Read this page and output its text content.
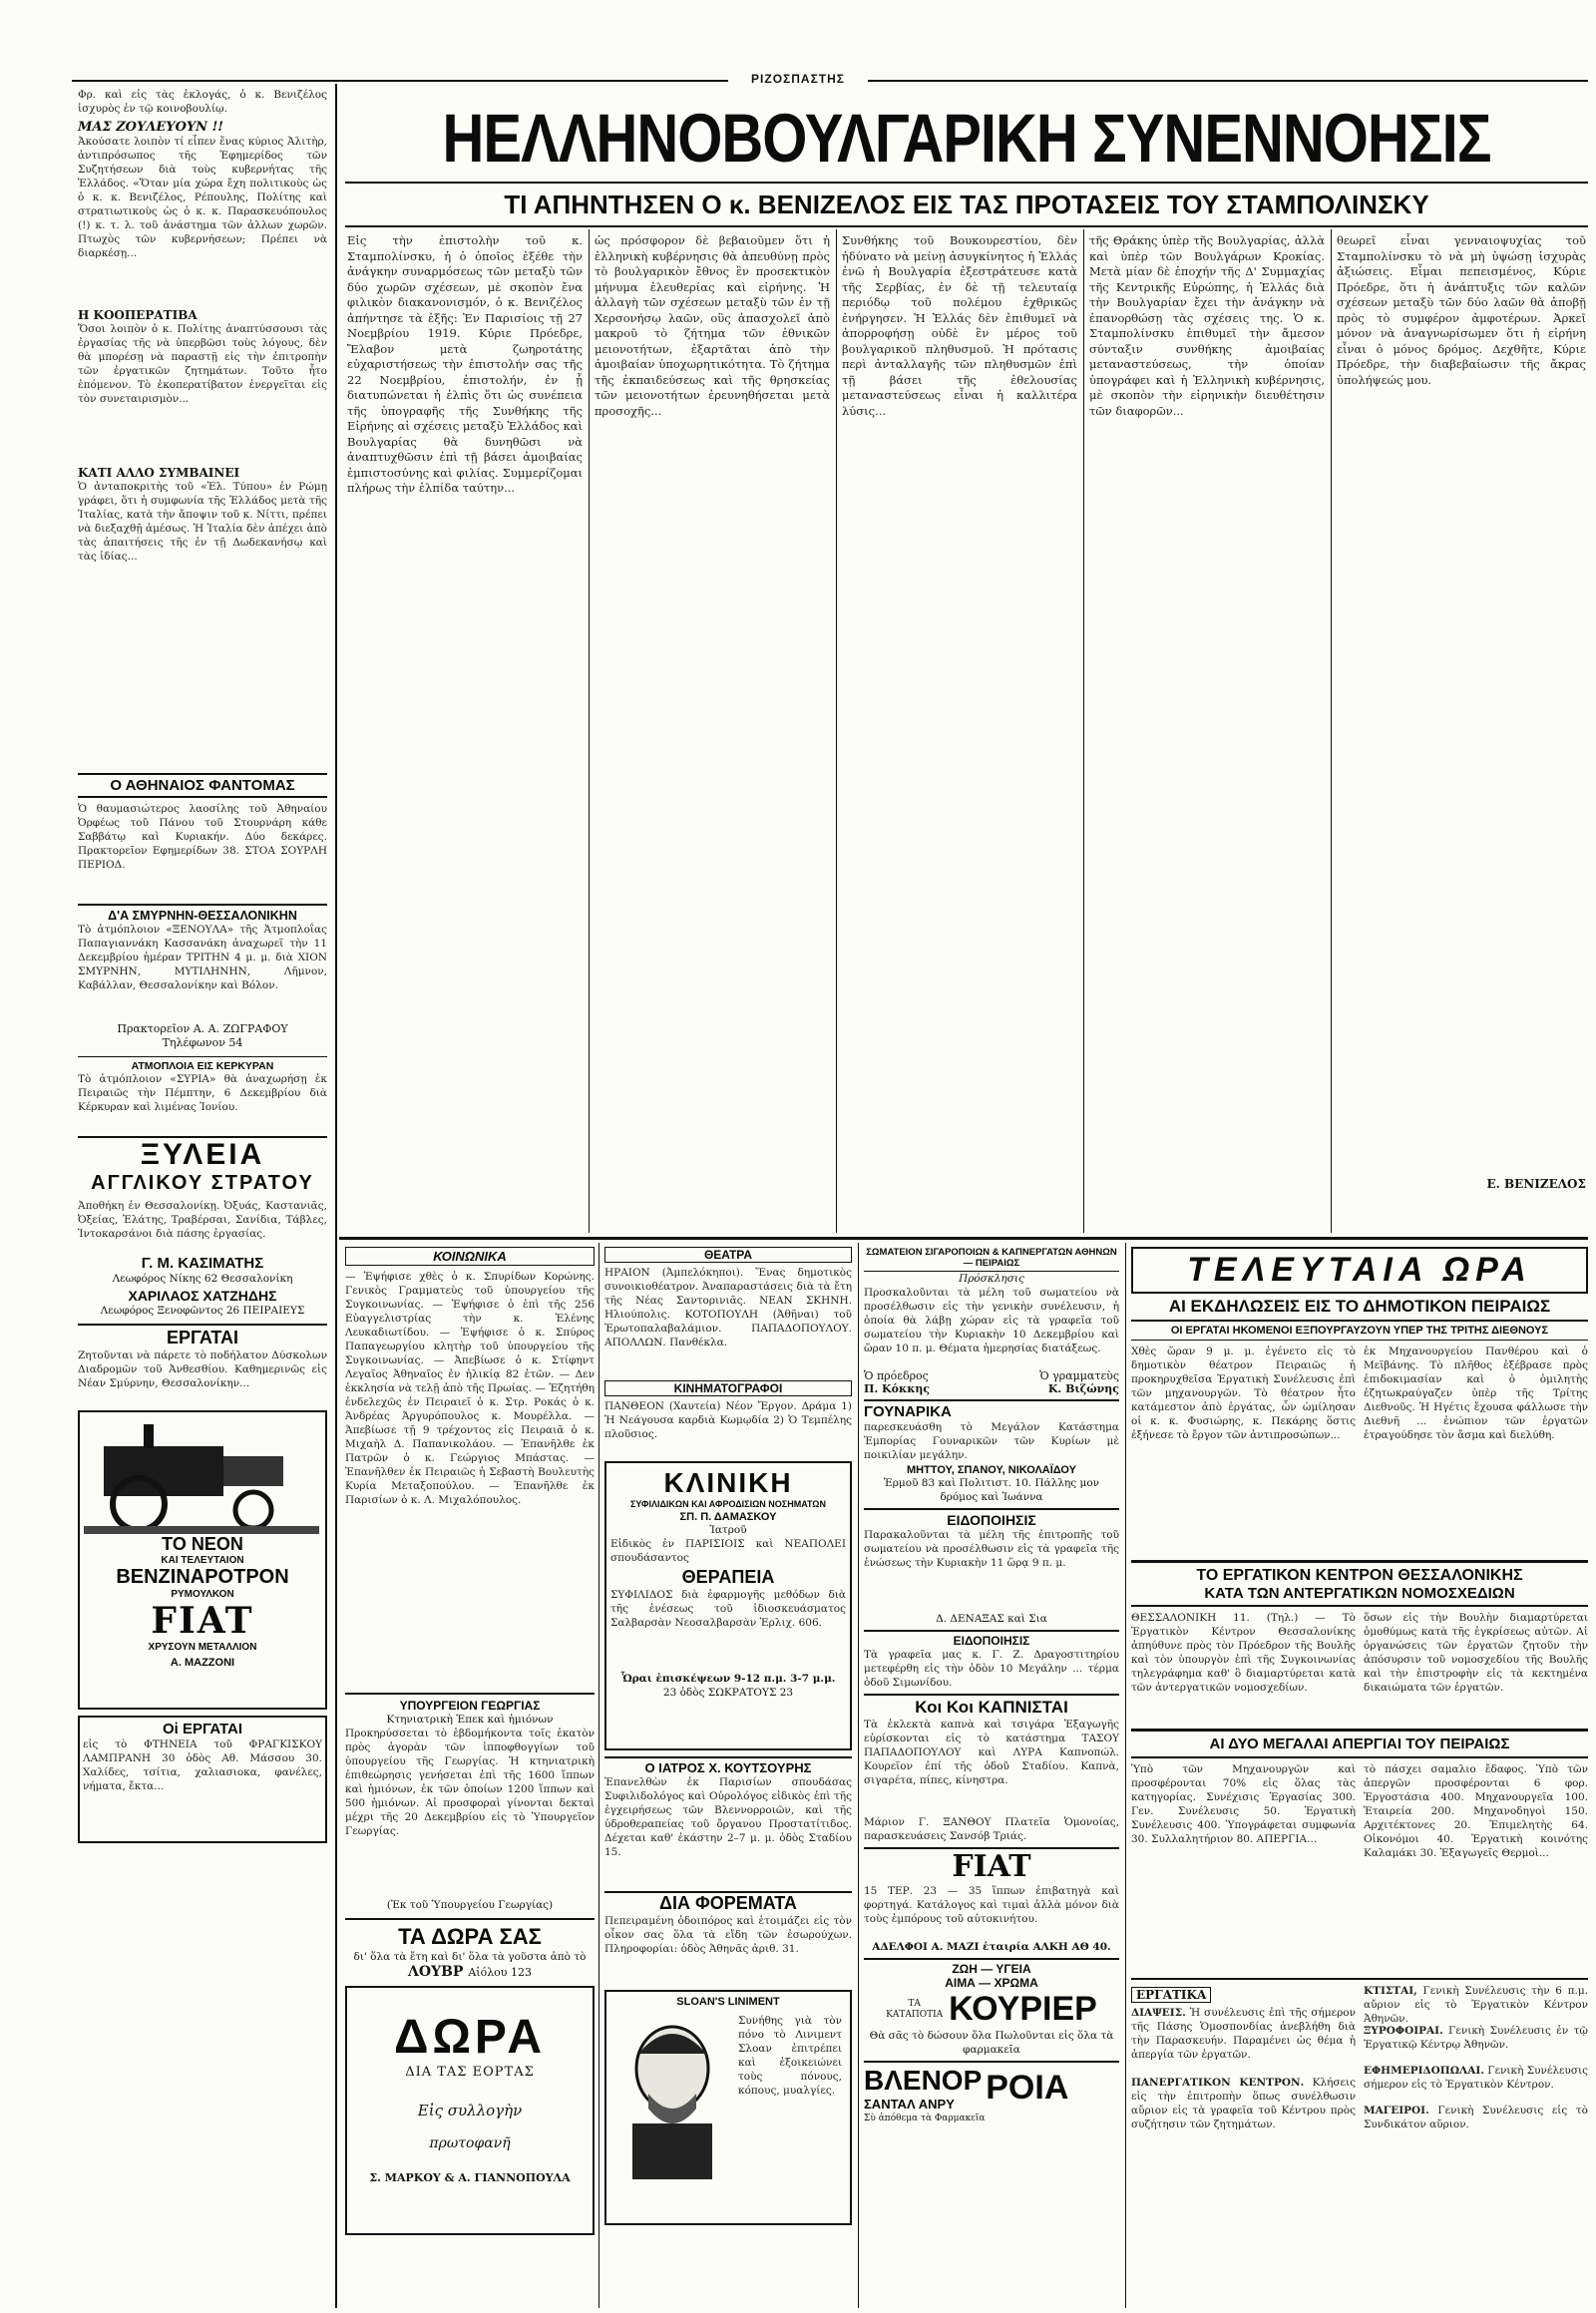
ΡΙΖΟΣΠΑΣΤΗΣ
Φρ. καὶ εἰς τὰς ἐκλογάς, ὁ κ. Βενιζέλος ἰσχυρὸς ἐν τῷ κοινοβουλίῳ.
ΜΑΣ ΖΟΥΛΕΥΟΥΝ !!
Ἀκούσατε λοιπὸν τί εἶπεν ἕνας κύριος Ἀλιτὴρ, ἀντιπρόσωπος τῆς Ἑφημερίδος τῶν Συζητήσεων διὰ τοὺς κυβερνήτας τῆς Ἑλλάδος. «Ὅταν μία χώρα ἔχη πολιτικοὺς ὡς ὁ κ. κ. Βενιζέλος, Ρέπουλης, Πολίτης καὶ στρατιωτικοὺς ὡς ὁ κ. κ. Παρασκευόπουλος (!) κ. τ. λ. τοῦ ἀνάστημα τῶν ἀλλων χωρῶν. Πτωχὸς τῶν κυβερνήσεων; Πρέπει νὰ διαρκέσῃ...
Η ΚΟΟΠΕΡΑΤΙΒΑ
Ὅσοι λοιπὸν ὁ κ. Πολίτης ἀναπτύσσουσι τὰς ἐργασίας τῆς νὰ ὑπερβῶσι τοὺς λόγους, δὲν θὰ μπορέσῃ νὰ παραστῇ εἰς τὴν ἐπιτροπὴν τῶν ἐργατικῶν ζητημάτων. Τοῦτο ἦτο ἐπόμενον. Τὸ ἐκοπερατίβατον ἐνεργεῖται εἰς τὸν συνεταιρισμὸν...
ΚΑΤΙ ΑΛΛΟ ΣΥΜΒΑΙΝΕΙ
Ὁ ἀνταποκριτὴς τοῦ «Ἐλ. Τύπου» ἐν Ρώμῃ γράφει, ὅτι ἡ συμφωνία τῆς Ἑλλάδος μετὰ τῆς Ἰταλίας, κατὰ τὴν ἄποψιν τοῦ κ. Νίττι, πρέπει νὰ διεξαχθῇ ἀμέσως. Ἡ Ἰταλία δὲν ἀπέχει ἀπὸ τὰς ἀπαιτήσεις τῆς ἐν τῇ Δωδεκανήσῳ καὶ τὰς ἰδίας...
Ο ΑΘΗΝΑΙΟΣ ΦΑΝΤΟΜΑΣ
Ὁ θαυμασιώτερος λαοσίλης τοῦ Ἀθηναίου Ὀρφέως τοῦ Πάνου τοῦ Στουρνάρη κάθε Σαββάτῳ καὶ Κυριακήν. Δύο δεκάρες. Πρακτορεῖον Εφημερίδων 38. ΣΤΟΑ ΣΟΥΡΛΗ ΠΕΡΙΟΔ.
Δ'Α ΣΜΥΡΝΗΝ-ΘΕΣΣΑΛΟΝΙΚΗΝ
Τὸ ἀτμόπλοιον «ΞΕΝΟΥΛΑ» τῆς Ἀτμοπλοΐας Παπαγιαννάκη Κασσανάκη ἀναχωρεῖ τὴν 11 Δεκεμβρίου ἡμέραν ΤΡΙΤΗΝ 4 μ. μ. διὰ ΧΙΟΝ ΣΜΥΡΝΗΝ, ΜΥΤΙΛΗΝΗΝ, Λῆμνον, Καβάλλαν, Θεσσαλονίκην καὶ Βόλον.
Πρακτορεῖον Α. Α. ΖΩΓΡΑΦΟΥ
Τηλέφωνον 54
ΑΤΜΟΠΛΟΙΑ ΕΙΣ ΚΕΡΚΥΡΑΝ
Τὸ ἀτμόπλοιον «ΣΥΡΙΑ» θὰ ἀναχωρήσῃ ἐκ Πειραιῶς τὴν Πέμπτην, 6 Δεκεμβρίου διὰ Κέρκυραν καὶ λιμένας Ἰονίου.
ΞΥΛΕΙΑ
ΑΓΓΛΙΚΟΥ ΣΤΡΑΤΟΥ
Ἀποθήκη ἐν Θεσσαλονίκῃ. Ὀξυάς, Καστανιᾶς, Ὀξείας, Ἐλάτης, Τραβέρσαι, Σανίδια, Τάβλες, Ἰντοκαρσάνοι διὰ πάσης ἐργασίας.
Γ. Μ. ΚΑΣΙΜΑΤΗΣ
Λεωφόρος Νίκης 62 Θεσσαλονίκη
ΧΑΡΙΛΑΟΣ ΧΑΤΖΗΔΗΣ
Λεωφόρος Ξενοφῶντος 26 ΠΕΙΡΑΙΕΥΣ
ΕΡΓΑΤΑΙ
Ζητοῦνται νὰ πάρετε τὸ ποδήλατον Δύσκολων Διαδρομῶν τοῦ Ἀνθεσθίου. Καθημερινῶς εἰς Νέαν Σμύρνην, Θεσσαλονίκην...
ΤΟ ΝΕΟΝ
ΚΑΙ ΤΕΛΕΥΤΑΙΟΝ
ΒΕΝΖΙΝΑΡΟΤΡΟΝ
ΡΥΜΟΥΛΚΟΝ
FIAT
ΧΡΥΣΟΥΝ ΜΕΤΑΛΛΙΟΝ
Α. ΜΑΖΖΟΝΙ
Οἱ ΕΡΓΑΤΑΙ
εἰς τὸ ΦΤΗΝΕΙΑ τοῦ ΦΡΑΓΚΙΣΚΟΥ ΛΑΜΠΡΑΝΗ 30 ὁδὸς Αθ. Μάσσου 30. Χαλίδες, τσίτια, χαλιασιοκα, φανέλες, νήματα, ἔκτα...
ΗΕΛΛΗΝΟΒΟΥΛΓΑΡΙΚΗ ΣΥΝΕΝΝΟΗΣΙΣ
ΤΙ ΑΠΗΝΤΗΣΕΝ Ο κ. ΒΕΝΙΖΕΛΟΣ ΕΙΣ ΤΑΣ ΠΡΟΤΑΣΕΙΣ ΤΟΥ ΣΤΑΜΠΟΛΙΝΣΚΥ
Εἰς τὴν ἐπιστολὴν τοῦ κ. Σταμπολίνσκυ, ἡ ὁ ὁποῖος ἐξέθε τὴν ἀνάγκην συναρμόσεως τῶν μεταξὺ τῶν δύο χωρῶν σχέσεων, μὲ σκοπὸν ἔνα φιλικὸν διακανονισμόν, ὁ κ. Βενιζέλος ἀπήντησε τὰ ἑξῆς: Ἐν Παρισίοις τῇ 27 Νοεμβρίου 1919. Κύριε Πρόεδρε, Ἔλαβον μετὰ ζωηροτάτης εὐχαριστήσεως τὴν ἐπιστολήν σας τῆς 22 Νοεμβρίου, ἐπιστολήν, ἐν ᾗ διατυπώνεται ἡ ἐλπὶς ὅτι ὡς συνέπεια τῆς ὑπογραφῆς τῆς Συνθήκης τῆς Εἰρήνης αἱ σχέσεις μεταξὺ Ἑλλάδος καὶ Βουλγαρίας θὰ δυνηθῶσι νὰ ἀναπτυχθῶσιν ἐπὶ τῇ βάσει ἀμοιβαίας ἐμπιστοσύνης καὶ φιλίας. Συμμερίζομαι πλήρως τὴν ἐλπίδα ταύτην...
ὡς πρόσφορον δὲ βεβαιοῦμεν ὅτι ἡ ἐλληνικὴ κυβέρνησις θὰ ἀπευθύνῃ πρὸς τὸ βουλγαρικὸν ἔθνος ἓν προσεκτικὸν μήνυμα ἐλευθερίας καὶ εἰρήνης. Ἡ ἀλλαγὴ τῶν σχέσεων μεταξὺ τῶν ἐν τῇ Χερσονήσῳ λαῶν, οὓς ἀπασχολεῖ ἀπὸ μακροῦ τὸ ζήτημα τῶν ἐθνικῶν μειονοτήτων, ἐξαρτᾶται ἀπὸ τὴν ἀμοιβαίαν ὑποχωρητικότητα. Τὸ ζήτημα τῆς ἐκπαιδεύσεως καὶ τῆς θρησκείας τῶν μειονοτήτων ἐρευνηθήσεται μετὰ προσοχῆς...
Συνθήκης τοῦ Βουκουρεστίου, δὲν ἠδύνατο νὰ μείνῃ ἀσυγκίνητος ἡ Ἑλλάς ἐνῶ ἡ Βουλγαρία ἐξεστράτευσε κατὰ τῆς Σερβίας, ἐν δὲ τῇ τελευταίᾳ περιόδῳ τοῦ πολέμου ἐχθρικῶς ἐνήργησεν. Ἡ Ἑλλάς δὲν ἐπιθυμεῖ νὰ ἀπορροφήσῃ οὐδὲ ἓν μέρος τοῦ βουλγαρικοῦ πληθυσμοῦ. Ἡ πρότασις περὶ ἀνταλλαγῆς τῶν πληθυσμῶν ἐπὶ τῇ βάσει τῆς ἐθελουσίας μεταναστεύσεως εἶναι ἡ καλλιτέρα λύσις...
τῆς Θράκης ὑπὲρ τῆς Βουλγαρίας, ἀλλὰ καὶ ὑπὲρ τῶν Βουλγάρων Κροκίας. Μετὰ μίαν δὲ ἐποχήν τῆς Δ' Συμμαχίας τῆς Κεντρικῆς Εὐρώπης, ἡ Ἑλλάς διὰ τὴν Βουλγαρίαν ἔχει τὴν ἀνάγκην νὰ ἐπανορθώσῃ τὰς σχέσεις της. Ὁ κ. Σταμπολίνσκυ ἐπιθυμεῖ τὴν ἄμεσον σύνταξιν συνθήκης ἀμοιβαίας μεταναστεύσεως, τὴν ὁποίαν ὑπογράφει καὶ ἡ Ἑλληνικὴ κυβέρνησις, μὲ σκοπὸν τὴν εἰρηνικὴν διευθέτησιν τῶν διαφορῶν...
θεωρεῖ εἶναι γενναιοψυχίας τοῦ Σταμπολίνσκυ τὸ νὰ μὴ ὑψώσῃ ἰσχυρὰς ἀξιώσεις. Εἶμαι πεπεισμένος, Κύριε Πρόεδρε, ὅτι ἡ ἀνάπτυξις τῶν καλῶν σχέσεων μεταξὺ τῶν δύο λαῶν θὰ ἀποβῇ πρὸς τὸ συμφέρον ἀμφοτέρων. Ἀρκεῖ μόνον νὰ ἀναγνωρίσωμεν ὅτι ἡ εἰρήνη εἶναι ὁ μόνος δρόμος. Δεχθῆτε, Κύριε Πρόεδρε, τὴν διαβεβαίωσιν τῆς ἄκρας ὑπολήψεώς μου.
Ε. ΒΕΝΙΖΕΛΟΣ
ΚΟΙΝΩΝΙΚΑ
— Ἐψήφισε χθὲς ὁ κ. Σπυρίδων Κορώνης. Γενικὸς Γραμματεὺς τοῦ ὑπουργείου τῆς Συγκοινωνίας. — Ἐψήφισε ὁ ἐπὶ τῆς 256 Εὐαγγελιστρίας τὴν κ. Ἑλένης Λευκαδιωτίδου. — Ἐψήφισε ὁ κ. Σπύρος Παπαγεωργίου κλητὴρ τοῦ ὑπουργείου τῆς Συγκοινωνίας. — Ἀπεβίωσε ὁ κ. Στίφηντ Λεγαῖος Ἀθηναῖος ἐν ἡλικίᾳ 82 ἐτῶν. — Δεν ἐκκλησία νὰ τελῇ ἀπὸ τῆς Πρωίας. — Ἐζητήθη ἐνδελεχῶς ἐν Πειραιεῖ ὁ κ. Στρ. Ροκάς ὁ κ. Ἀνδρέας Ἀργυρόπουλος κ. Μουρέλλα. — Ἀπεβίωσε τῇ 9 τρέχοντος εἰς Πειραιᾶ ὁ κ. Μιχαὴλ Δ. Παπανικολάου. — Ἐπανῆλθε ἐκ Πατρῶν ὁ κ. Γεώργιος Μπάστας. — Ἐπανῆλθεν ἐκ Πειραιῶς ἡ Σεβαστὴ Βουλευτὴς Κυρία Μεταξοπούλου. — Ἐπανῆλθε ἐκ Παρισίων ὁ κ. Λ. Μιχαλόπουλος.
ΥΠΟΥΡΓΕΙΟΝ ΓΕΩΡΓΙΑΣ
Κτηνιατρικὴ Ἐπεκ καὶ ἡμιόνων
Προκηρύσσεται τὸ ἑβδομήκοντα τοῖς ἑκατὸν πρὸς ἀγορὰν τῶν ἱπποφθογγίων τοῦ ὑπουργείου τῆς Γεωργίας. Ἡ κτηνιατρικὴ ἐπιθεώρησις γενήσεται ἐπὶ τῆς 1600 ἵππων καὶ ἡμιόνων, ἐκ τῶν ὁποίων 1200 ἵππων καὶ 500 ἡμιόνων. Αἱ προσφοραὶ γίνονται δεκταὶ μέχρι τῆς 20 Δεκεμβρίου εἰς τὸ Ὑπουργεῖον Γεωργίας.
(Ἐκ τοῦ Ὑπουργείου Γεωργίας)
ΤΑ ΔΩΡΑ ΣΑΣ
δι' ὅλα τὰ ἔτη καὶ δι' ὅλα τὰ γοῦστα ἀπὸ τὸ
ΛΟΥΒΡ Αἰόλου 123
ΔΩΡΑ
ΔΙΑ ΤΑΣ ΕΟΡΤΑΣ
Εἰς συλλογὴν
πρωτοφανῆ
Σ. ΜΑΡΚΟΥ & Α. ΓΙΑΝΝΟΠΟΥΛΑ
ΘΕΑΤΡΑ
ΗΡΑΙΟΝ (Ἀμπελόκηποι). Ἕνας δημοτικὸς συνοικιοθέατρον. Ἀναπαραστάσεις διὰ τὰ ἔτη τῆς Νέας Σαντορινιᾶς. ΝΕΑΝ ΣΚΗΝΗ. Ηλιούπολις. ΚΟΤΟΠΟΥΛΗ (Ἀθῆναι) τοῦ Ἐρωτοπαλαβαλάμιον. ΠΑΠΑΔΟΠΟΥΛΟΥ. ΑΠΟΛΛΩΝ. Πανθέκλα.
ΚΙΝΗΜΑΤΟΓΡΑΦΟΙ
ΠΑΝΘΕΟΝ (Χαυτεία) Νέον Ἔργον. Δράμα 1) Ἡ Νεάγουσα καρδιὰ Κωμῳδία 2) Ὁ Τεμπέλης πλοῦσιος.
ΚΛΙΝΙΚΗ
ΣΥΦΙΛΙΔΙΚΩΝ ΚΑΙ ΑΦΡΟΔΙΣΙΩΝ ΝΟΣΗΜΑΤΩΝ
ΣΠ. Π. ΔΑΜΑΣΚΟΥ
Ἰατροῦ
Εἰδικὸς ἐν ΠΑΡΙΣΙΟΙΣ καὶ ΝΕΑΠΟΛΕΙ σπουδάσαντος
ΘΕΡΑΠΕΙΑ
ΣΥΦΙΛΙΔΟΣ διὰ ἐφαρμογῆς μεθόδων διὰ τῆς ἐνέσεως τοῦ ἰδιοσκευάσματος Σαλβαρσὰν Νεοσαλβαρσὰν Ἐρλιχ. 606.
Ὧραι ἐπισκέψεων 9-12 π.μ. 3-7 μ.μ.
23 ὁδὸς ΣΩΚΡΑΤΟΥΣ 23
Ο ΙΑΤΡΟΣ Χ. ΚΟΥΤΣΟΥΡΗΣ
Ἐπανελθὼν ἐκ Παρισίων σπουδάσας Συφιλιδολόγος καὶ Οὐρολόγος εἰδικὸς ἐπὶ τῆς ἐγχειρήσεως τῶν Βλεννορροιῶν, καὶ τῆς ὑδροθεραπείας τοῦ ὄργανου Προστατίτιδος. Δέχεται καθ' ἑκάστην 2–7 μ. μ. ὁδὸς Σταδίου 15.
ΔΙΑ ΦΟΡΕΜΑΤΑ
Πεπειραμένη ὁδοιπόρος καὶ ἑτοιμάζει εἰς τὸν οἶκον σας ὅλα τὰ εἴδη τῶν ἐσωρούχων. Πληροφορίαι: ὁδὸς Ἀθηνᾶς ἀριθ. 31.
SLOAN'S LINIMENT
Συνήθης γιὰ τὸν πόνο τὸ Λινιμεντ Σλοαν ἐπιτρέπει καὶ ἐξοικειώνει τοὺς πόνους, κόπους, μυαλγίες.
ΣΩΜΑΤΕΙΟΝ ΣΙΓΑΡΟΠΟΙΩΝ & ΚΑΠΝΕΡΓΑΤΩΝ ΑΘΗΝΩΝ — ΠΕΙΡΑΙΩΣ
Πρόσκλησις
Προσκαλοῦνται τὰ μέλη τοῦ σωματείου νὰ προσέλθωσιν εἰς τὴν γενικὴν συνέλευσιν, ἡ ὁποία θὰ λάβῃ χώραν εἰς τὰ γραφεῖα τοῦ σωματείου τὴν Κυριακὴν 10 Δεκεμβρίου καὶ ὥραν 10 π. μ. Θέματα ἡμερησίας διατάξεως.
Ὁ πρόεδρος	Ὁ γραμματεὺς
Π. Κόκκης	Κ. Βιζώνης
ΓΟΥΝΑΡΙΚΑ
παρεσκευάσθη τὸ Μεγάλον Κατάστημα Ἐμπορίας Γουναρικῶν τῶν Κυρίων μὲ ποικιλίαν μεγάλην.
ΜΗΤΤΟΥ, ΣΠΑΝΟΥ, ΝΙΚΟΛΑΪΔΟΥ
Ἑρμοῦ 83 καὶ Πολιτιστ. 10. Πάλλης μον δρόμος καὶ Ἰωάννα
ΕΙΔΟΠΟΙΗΣΙΣ
Παρακαλοῦνται τὰ μέλη τῆς ἐπιτροπῆς τοῦ σωματείου νὰ προσέλθωσιν εἰς τὰ γραφεῖα τῆς ἑνώσεως τὴν Κυριακὴν 11 ὥρᾳ 9 π. μ.
Δ. ΔΕΝΑΞΑΣ καὶ Σια
ΕΙΔΟΠΟΙΗΣΙΣ
Τὰ γραφεῖα μας κ. Γ. Ζ. Δραγοστιτηρίου μετεφέρθη εἰς τὴν ὁδὸν 10 Μεγάλην ... τέρμα ὁδοῦ Σιμωνίδου.
Κοι Κοι ΚΑΠΝΙΣΤΑΙ
Τὰ ἐκλεκτὰ καπνὰ καὶ τσιγάρα Ἐξαγωγῆς εὑρίσκονται εἰς τὸ κατάστημα ΤΑΣΟΥ ΠΑΠΑΔΟΠΟΥΛΟΥ καὶ ΛΥΡΑ Καπνοπώλ. Κουρεῖον ἐπί τῆς ὁδοῦ Σταδίου. Καπνὰ, σιγαρέτα, πίπες, κίνηστρα.
Μάριον Γ. ΞΑΝΘΟΥ Πλατεῖα Ὁμονοίας, παρασκευάσεις Σανσόβ Τριάς.
FIAT
15 ΤΕΡ. 23 — 35 ἵππων ἐπιβατηγὰ καὶ φορτηγά. Κατάλογος καὶ τιμαὶ ἀλλὰ μόνον διὰ τοὺς ἐμπόρους τοῦ αὐτοκινήτου.
ΑΔΕΛΦΟΙ Α. ΜΑΖΙ ἐταιρία ΑΛΚΗ ΑΘ 40.
ΖΩΗ — ΥΓΕΙΑ
ΑΙΜΑ — ΧΡΩΜΑ
ΤΑ
ΚΑΤΑΠΟΤΙΑ ΚΟΥΡΙΕΡ
Θὰ σᾶς τὸ δώσουν ὅλα Πωλοῦνται εἰς ὅλα τὰ φαρμακεῖα
ΒΛΕΝΟΡ
ΣΑΝΤΑΛ ΑΝΡΥ ΡΟΙΑ
Σὺ ἀπόθεμα τὰ Φαρμακεῖα
ΤΕΛΕΥΤΑΙΑ ΩΡΑ
ΑΙ ΕΚΔΗΛΩΣΕΙΣ ΕΙΣ ΤΟ ΔΗΜΟΤΙΚΟΝ ΠΕΙΡΑΙΩΣ
ΟΙ ΕΡΓΑΤΑΙ ΗΚΟΜΕΝΟΙ ΕΞΠΟΥΡΓΑΥΖΟΥΝ ΥΠΕΡ ΤΗΣ ΤΡΙΤΗΣ ΔΙΕΘΝΟΥΣ
Χθὲς ὥραν 9 μ. μ. ἐγένετο εἰς τὸ δημοτικὸν θέατρον Πειραιῶς ἡ προκηρυχθεῖσα Ἐργατικὴ Συνέλευσις ἐπὶ τῶν μηχανουργῶν. Τὸ θέατρον ἦτο κατάμεστον ἀπὸ ἐργάτας, ὧν ὡμίλησαν οἱ κ. κ. Φυσιώρης, κ. Πεκάρης ὅστις ἐξήνεσε τὸ ἔργον τῶν ἀντιπροσώπων...
ἐκ Μηχανουργείου Πανθέρου καὶ ὁ Μεϊβάνης. Τὸ πλῆθος ἐξέβρασε πρὸς ἐπιδοκιμασίαν καὶ ὁ ὁμιλητὴς ἐζητωκραύγαζεν ὑπὲρ τῆς Τρίτης Διεθνοῦς. Ἡ Ηγέτις ἔχουσα φάλλωσε τὴν Διεθνῆ ... ἐνώπιον τῶν ἐργατῶν ἐτραγούδησε τὸν ἄσμα καὶ διελύθη.
ΤΟ ΕΡΓΑΤΙΚΟΝ ΚΕΝΤΡΟΝ ΘΕΣΣΑΛΟΝΙΚΗΣ
ΚΑΤΑ ΤΩΝ ΑΝΤΕΡΓΑΤΙΚΩΝ ΝΟΜΟΣΧΕΔΙΩΝ
ΘΕΣΣΑΛΟΝΙΚΗ 11. (Τηλ.) — Τὸ Ἐργατικὸν Κέντρον Θεσσαλονίκης ἀπηύθυνε πρὸς τὸν Πρόεδρον τῆς Βουλῆς καὶ τὸν ὑπουργὸν ἐπὶ τῆς Συγκοινωνίας τηλεγράφημα καθ' ὃ διαμαρτύρεται κατὰ τῶν ἀντεργατικῶν νομοσχεδίων.
ὅσων εἰς τὴν Βουλὴν διαμαρτύρεται ὁμοθύμως κατὰ τῆς ἐγκρίσεως αὐτῶν. Αἱ ὀργανώσεις τῶν ἐργατῶν ζητοῦν τὴν ἀπόσυρσιν τοῦ νομοσχεδίου τῆς Βουλῆς καὶ τὴν ἐπιστροφὴν εἰς τὰ κεκτημένα δικαιώματα τῶν ἐργατῶν.
ΑΙ ΔΥΟ ΜΕΓΑΛΑΙ ΑΠΕΡΓΙΑΙ ΤΟΥ ΠΕΙΡΑΙΩΣ
Ὑπὸ τῶν Μηχανουργῶν καὶ προσφέρονται 70% εἰς ὅλας τὰς κατηγορίας. Συνέχισις Ἐργασίας 300. Γεν. Συνέλευσις 50. Ἐργατικὴ Συνέλευσις 400. Ὑπογράφεται συμφωνία 30. Συλλαλητήριον 80. ΑΠΕΡΓΙΑ...
τὸ πάσχει σαμαλιο ἔδαφος. Ὑπὸ τῶν ἀπεργῶν προσφέρονται 6 φορ. Ἐργοστάσια 400. Μηχανουργεῖα 100. Ἑταιρεία 200. Μηχανοδηγοὶ 150. Αρχιτέκτονες 20. Ἐπιμελητὴς 64. Οἰκονόμοι 40. Ἐργατικὴ κοινότης Καλαμάκι 30. Ἐξαγωγεῖς Θερμοὶ...
ΕΡΓΑΤΙΚΑ
ΔΙΑΨΕΙΣ. Ἡ συνέλευσις ἐπὶ τῆς σήμερον τῆς Πάσης Ὁμοσπονδίας ἀνεβλήθη διὰ τὴν Παρασκευήν. Παραμένει ὡς θέμα ἡ ἀπεργία τῶν ἐργατῶν.
ΠΑΝΕΡΓΑΤΙΚΟΝ ΚΕΝΤΡΟΝ. Κλήσεις εἰς τὴν ἐπιτροπὴν ὅπως συνέλθωσιν αὔριον εἰς τὰ γραφεῖα τοῦ Κέντρου πρὸς συζήτησιν τῶν ζητημάτων.
ΚΤΙΣΤΑΙ, Γενικὴ Συνέλευσις τὴν 6 π.μ. αὔριον εἰς τὸ Ἐργατικὸν Κέντρον Ἀθηνῶν.
ΞΥΡΟΦΟΙΡΑΙ. Γενικὴ Συνέλευσις ἐν τῷ Ἐργατικῷ Κέντρῳ Ἀθηνῶν.
ΕΦΗΜΕΡΙΔΟΠΩΛΑΙ. Γενικὴ Συνέλευσις σήμερον εἰς τὸ Ἐργατικὸν Κέντρον.
ΜΑΓΕΙΡΟΙ. Γενικὴ Συνέλευσις εἰς τὸ Συνδικάτον αὔριον.
